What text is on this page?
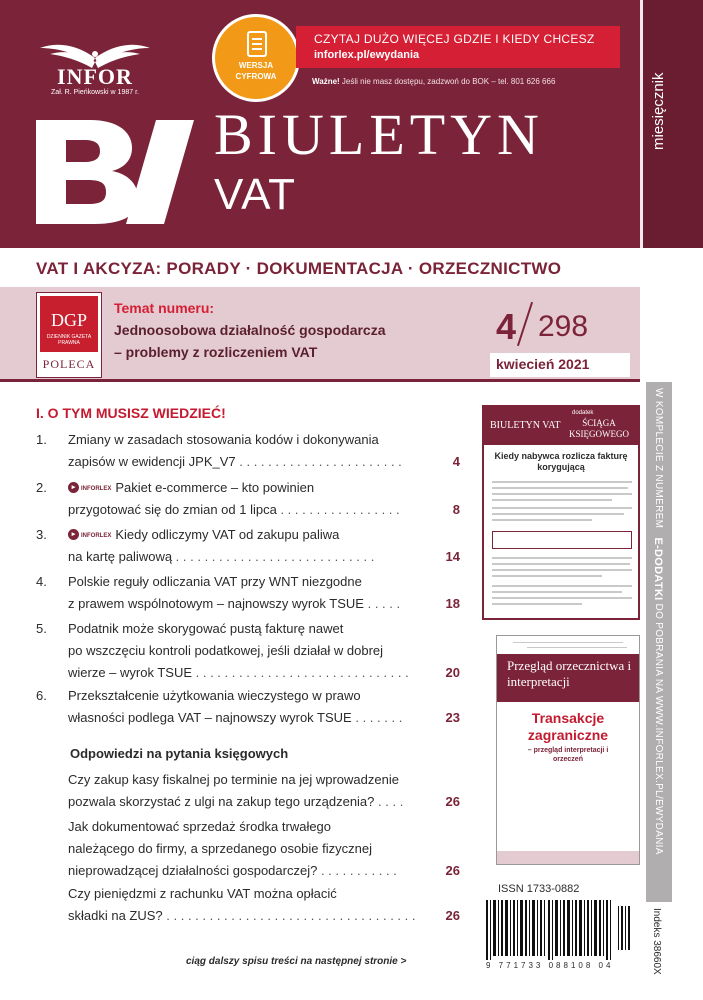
miesięcznik
INFOR
Zał. R. Pieńkowski w 1987 r.
WERSJA
CYFROWA
CZYTAJ DUŻO WIĘCEJ GDZIE I KIEDY CHCESZ
inforlex.pl/ewydania
Ważne! Jeśli nie masz dostępu, zadzwoń do BOK – tel. 801 626 666
BIULETYN
VAT
VAT I AKCYZA: PORADY · DOKUMENTACJA · ORZECZNICTWO
DGP
DZIENNIK GAZETA PRAWNA
POLECA
Temat numeru:
Jednoosobowa działalność gospodarcza
– problemy z rozliczeniem VAT
4 298
kwiecień 2021
I. O TYM MUSISZ WIEDZIEĆ!
1. Zmiany w zasadach stosowania kodów i dokonywania
zapisów w ewidencji JPK_V7 . . . . . . . . . . . . . . . . . . . . . . .	4
2.	▸ INFORLEX Pakiet e-commerce – kto powinien
przygotować się do zmian od 1 lipca . . . . . . . . . . . . . . . . .	8
3.	▸ INFORLEX Kiedy odliczymy VAT od zakupu paliwa
na kartę paliwową . . . . . . . . . . . . . . . . . . . . . . . . . . . .	14
4. Polskie reguły odliczania VAT przy WNT niezgodne
z prawem wspólnotowym – najnowszy wyrok TSUE . . . . .	18
5. Podatnik może skorygować pustą fakturę nawet
po wszczęciu kontroli podatkowej, jeśli działał w dobrej
wierze – wyrok TSUE . . . . . . . . . . . . . . . . . . . . . . . . . . . . . .	20
6. Przekształcenie użytkowania wieczystego w prawo
własności podlega VAT – najnowszy wyrok TSUE . . . . . . .	23
Odpowiedzi na pytania księgowych
Czy zakup kasy fiskalnej po terminie na jej wprowadzenie
pozwala skorzystać z ulgi na zakup tego urządzenia? . . . .	26
Jak dokumentować sprzedaż środka trwałego
należącego do firmy, a sprzedanego osobie fizycznej
nieprowadzącej działalności gospodarczej? . . . . . . . . . . .	26
Czy pieniędzmi z rachunku VAT można opłacić
składki na ZUS? . . . . . . . . . . . . . . . . . . . . . . . . . . . . . . . . . . .	26
ciąg dalszy spisu treści na następnej stronie >
BIULETYN VAT
dodatek
ŚCIĄGA KSIĘGOWEGO
Kiedy nabywca rozlicza fakturę korygującą
Przegląd orzecznictwa i interpretacji
Transakcje zagraniczne
– przegląd interpretacji i orzeczeń
W KOMPLECIE Z NUMEREM   E-DODATKI DO POBRANIA NA WWW.INFORLEX.PL/EWYDANIA
ISSN 1733-0882
9 771733 088108 04	Indeks 38660X
